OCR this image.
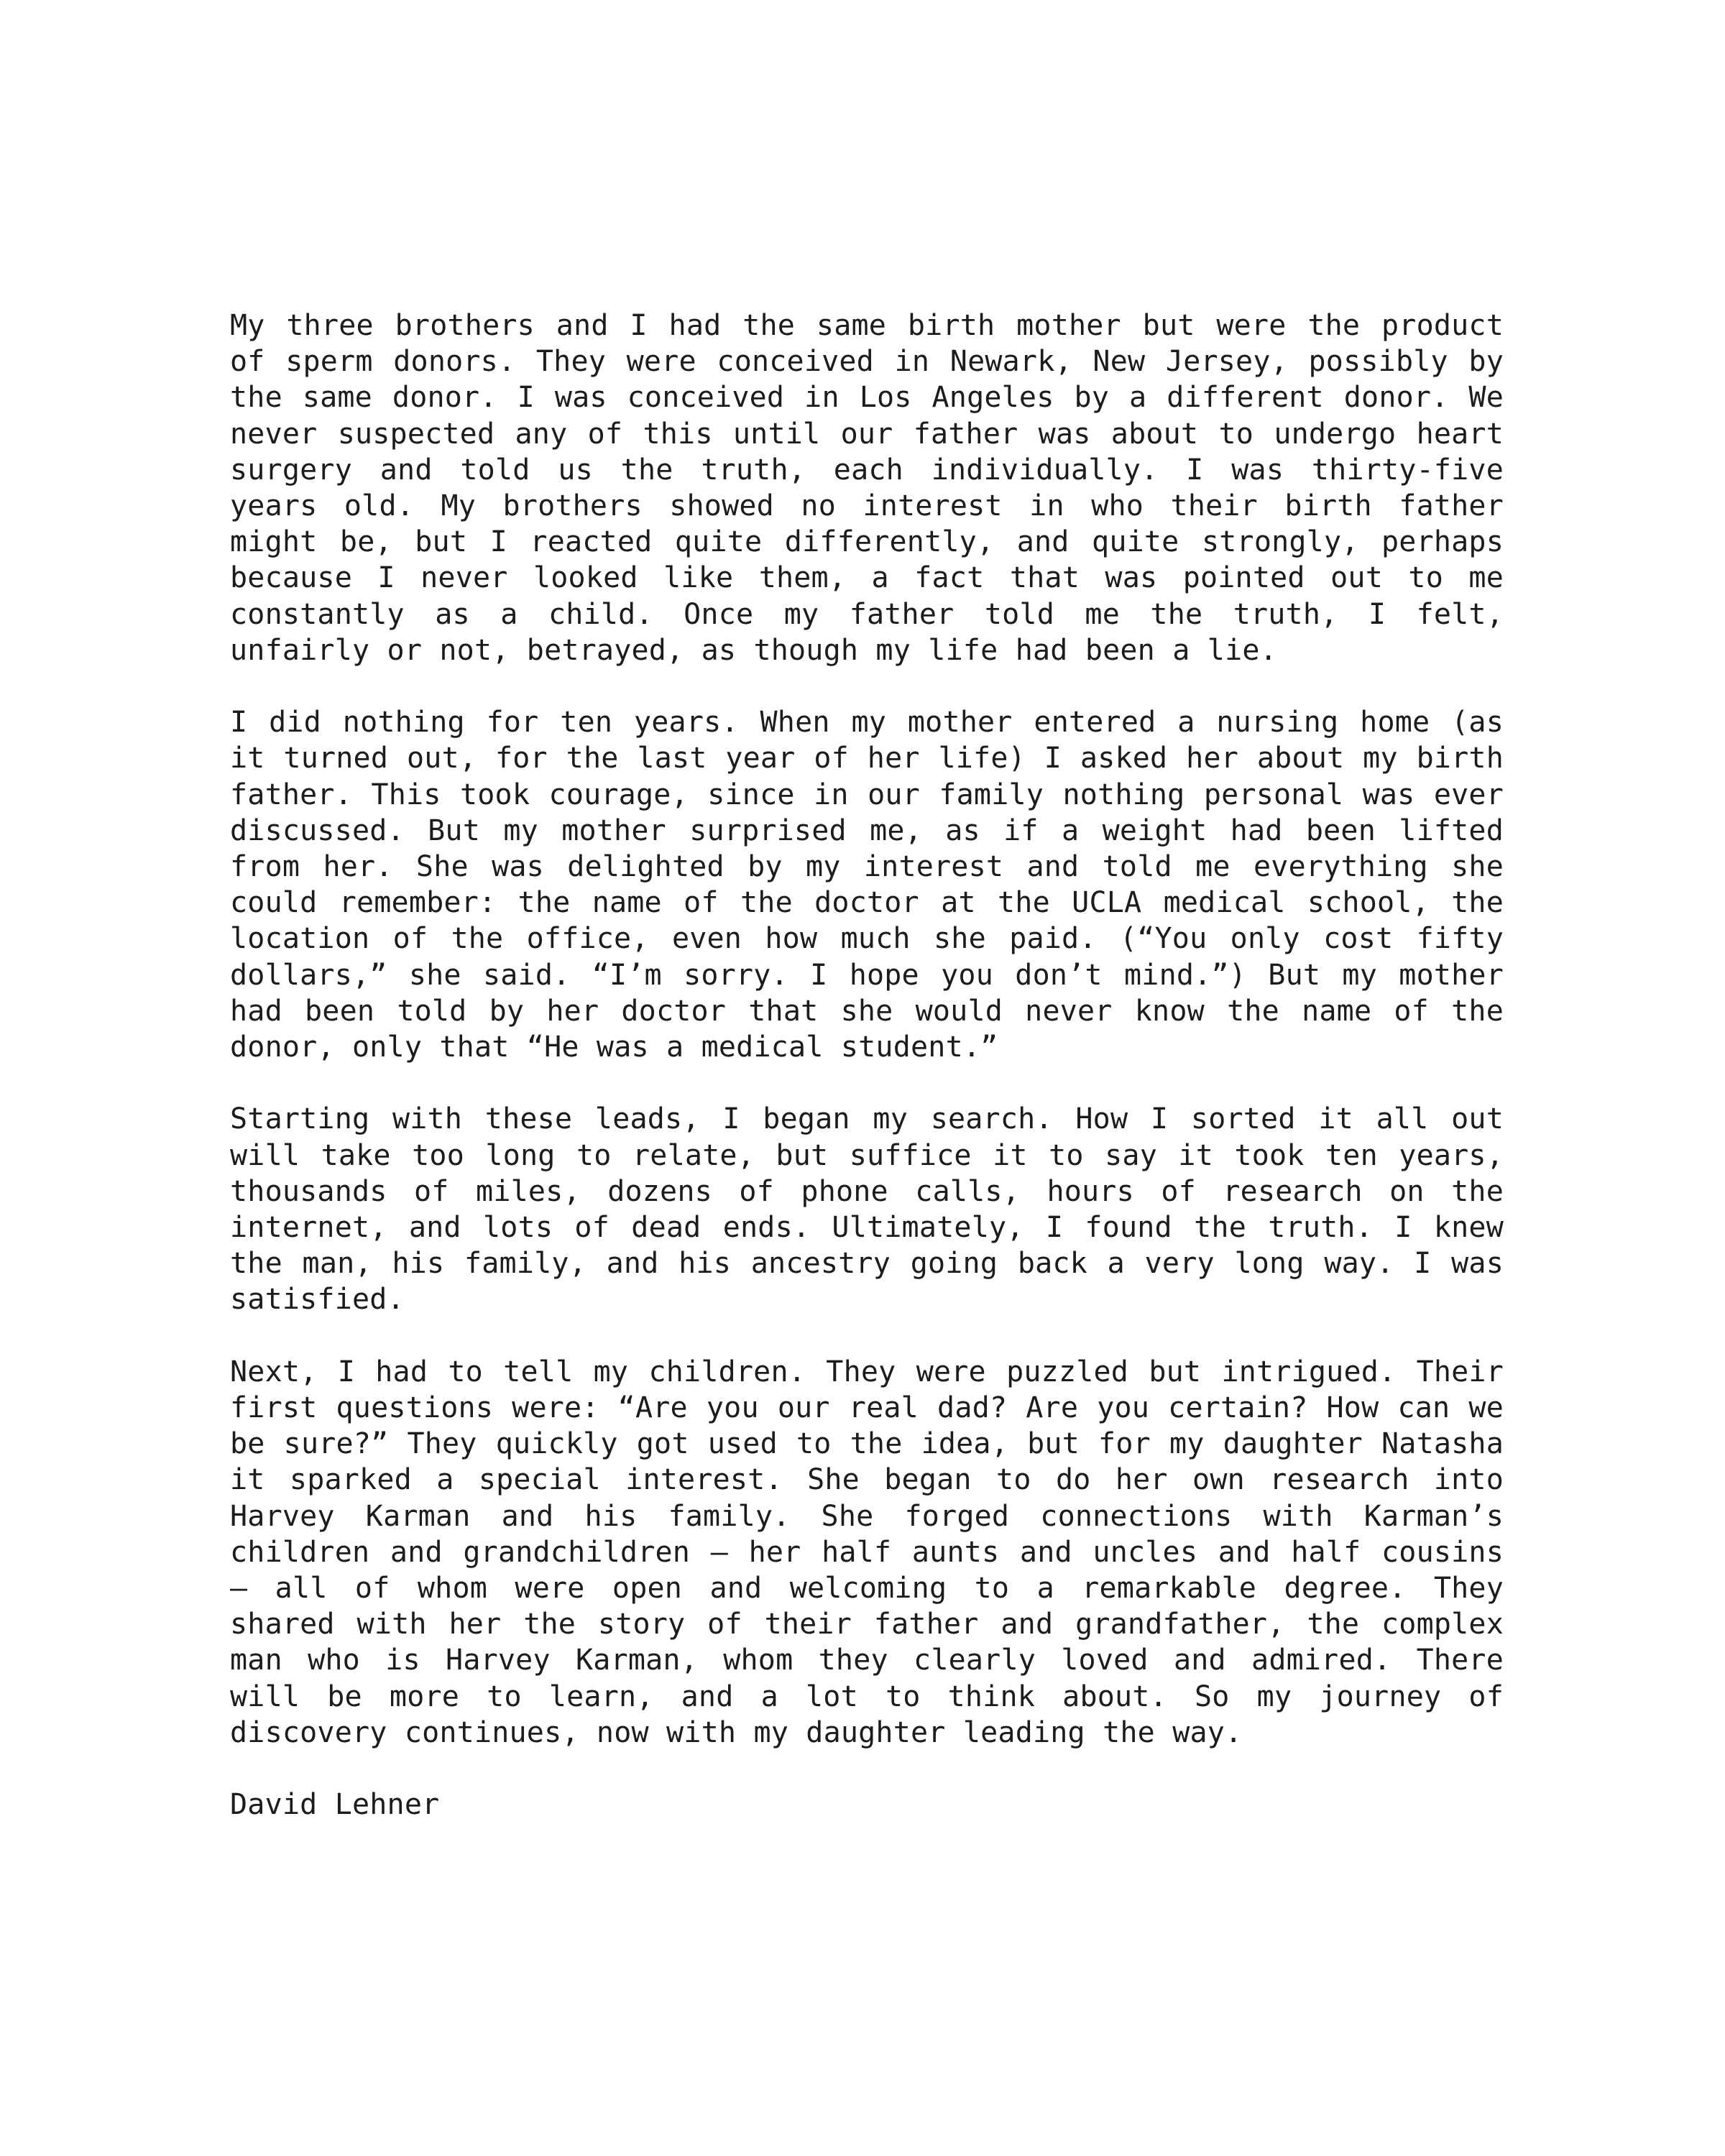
My three brothers and I had the same birth mother but were the product of sperm donors. They were conceived in Newark, New Jersey, possibly by the same donor. I was conceived in Los Angeles by a different donor. We never suspected any of this until our father was about to undergo heart surgery and told us the truth, each individually. I was thirty-five years old. My brothers showed no interest in who their birth father might be, but I reacted quite differently, and quite strongly, perhaps because I never looked like them, a fact that was pointed out to me constantly as a child. Once my father told me the truth, I felt, unfairly or not, betrayed, as though my life had been a lie.

I did nothing for ten years. When my mother entered a nursing home (as it turned out, for the last year of her life) I asked her about my birth father. This took courage, since in our family nothing personal was ever discussed. But my mother surprised me, as if a weight had been lifted from her. She was delighted by my interest and told me everything she could remember: the name of the doctor at the UCLA medical school, the location of the office, even how much she paid. (“You only cost fifty dollars,” she said. “I’m sorry. I hope you don’t mind.”) But my mother had been told by her doctor that she would never know the name of the donor, only that “He was a medical student.”

Starting with these leads, I began my search. How I sorted it all out will take too long to relate, but suffice it to say it took ten years, thousands of miles, dozens of phone calls, hours of research on the internet, and lots of dead ends. Ultimately, I found the truth. I knew the man, his family, and his ancestry going back a very long way. I was satisfied.

Next, I had to tell my children. They were puzzled but intrigued. Their first questions were: “Are you our real dad? Are you certain? How can we be sure?” They quickly got used to the idea, but for my daughter Natasha it sparked a special interest. She began to do her own research into Harvey Karman and his family. She forged connections with Karman’s children and grandchildren — her half aunts and uncles and half cousins — all of whom were open and welcoming to a remarkable degree. They shared with her the story of their father and grandfather, the complex man who is Harvey Karman, whom they clearly loved and admired. There will be more to learn, and a lot to think about. So my journey of discovery continues, now with my daughter leading the way.

David Lehner
